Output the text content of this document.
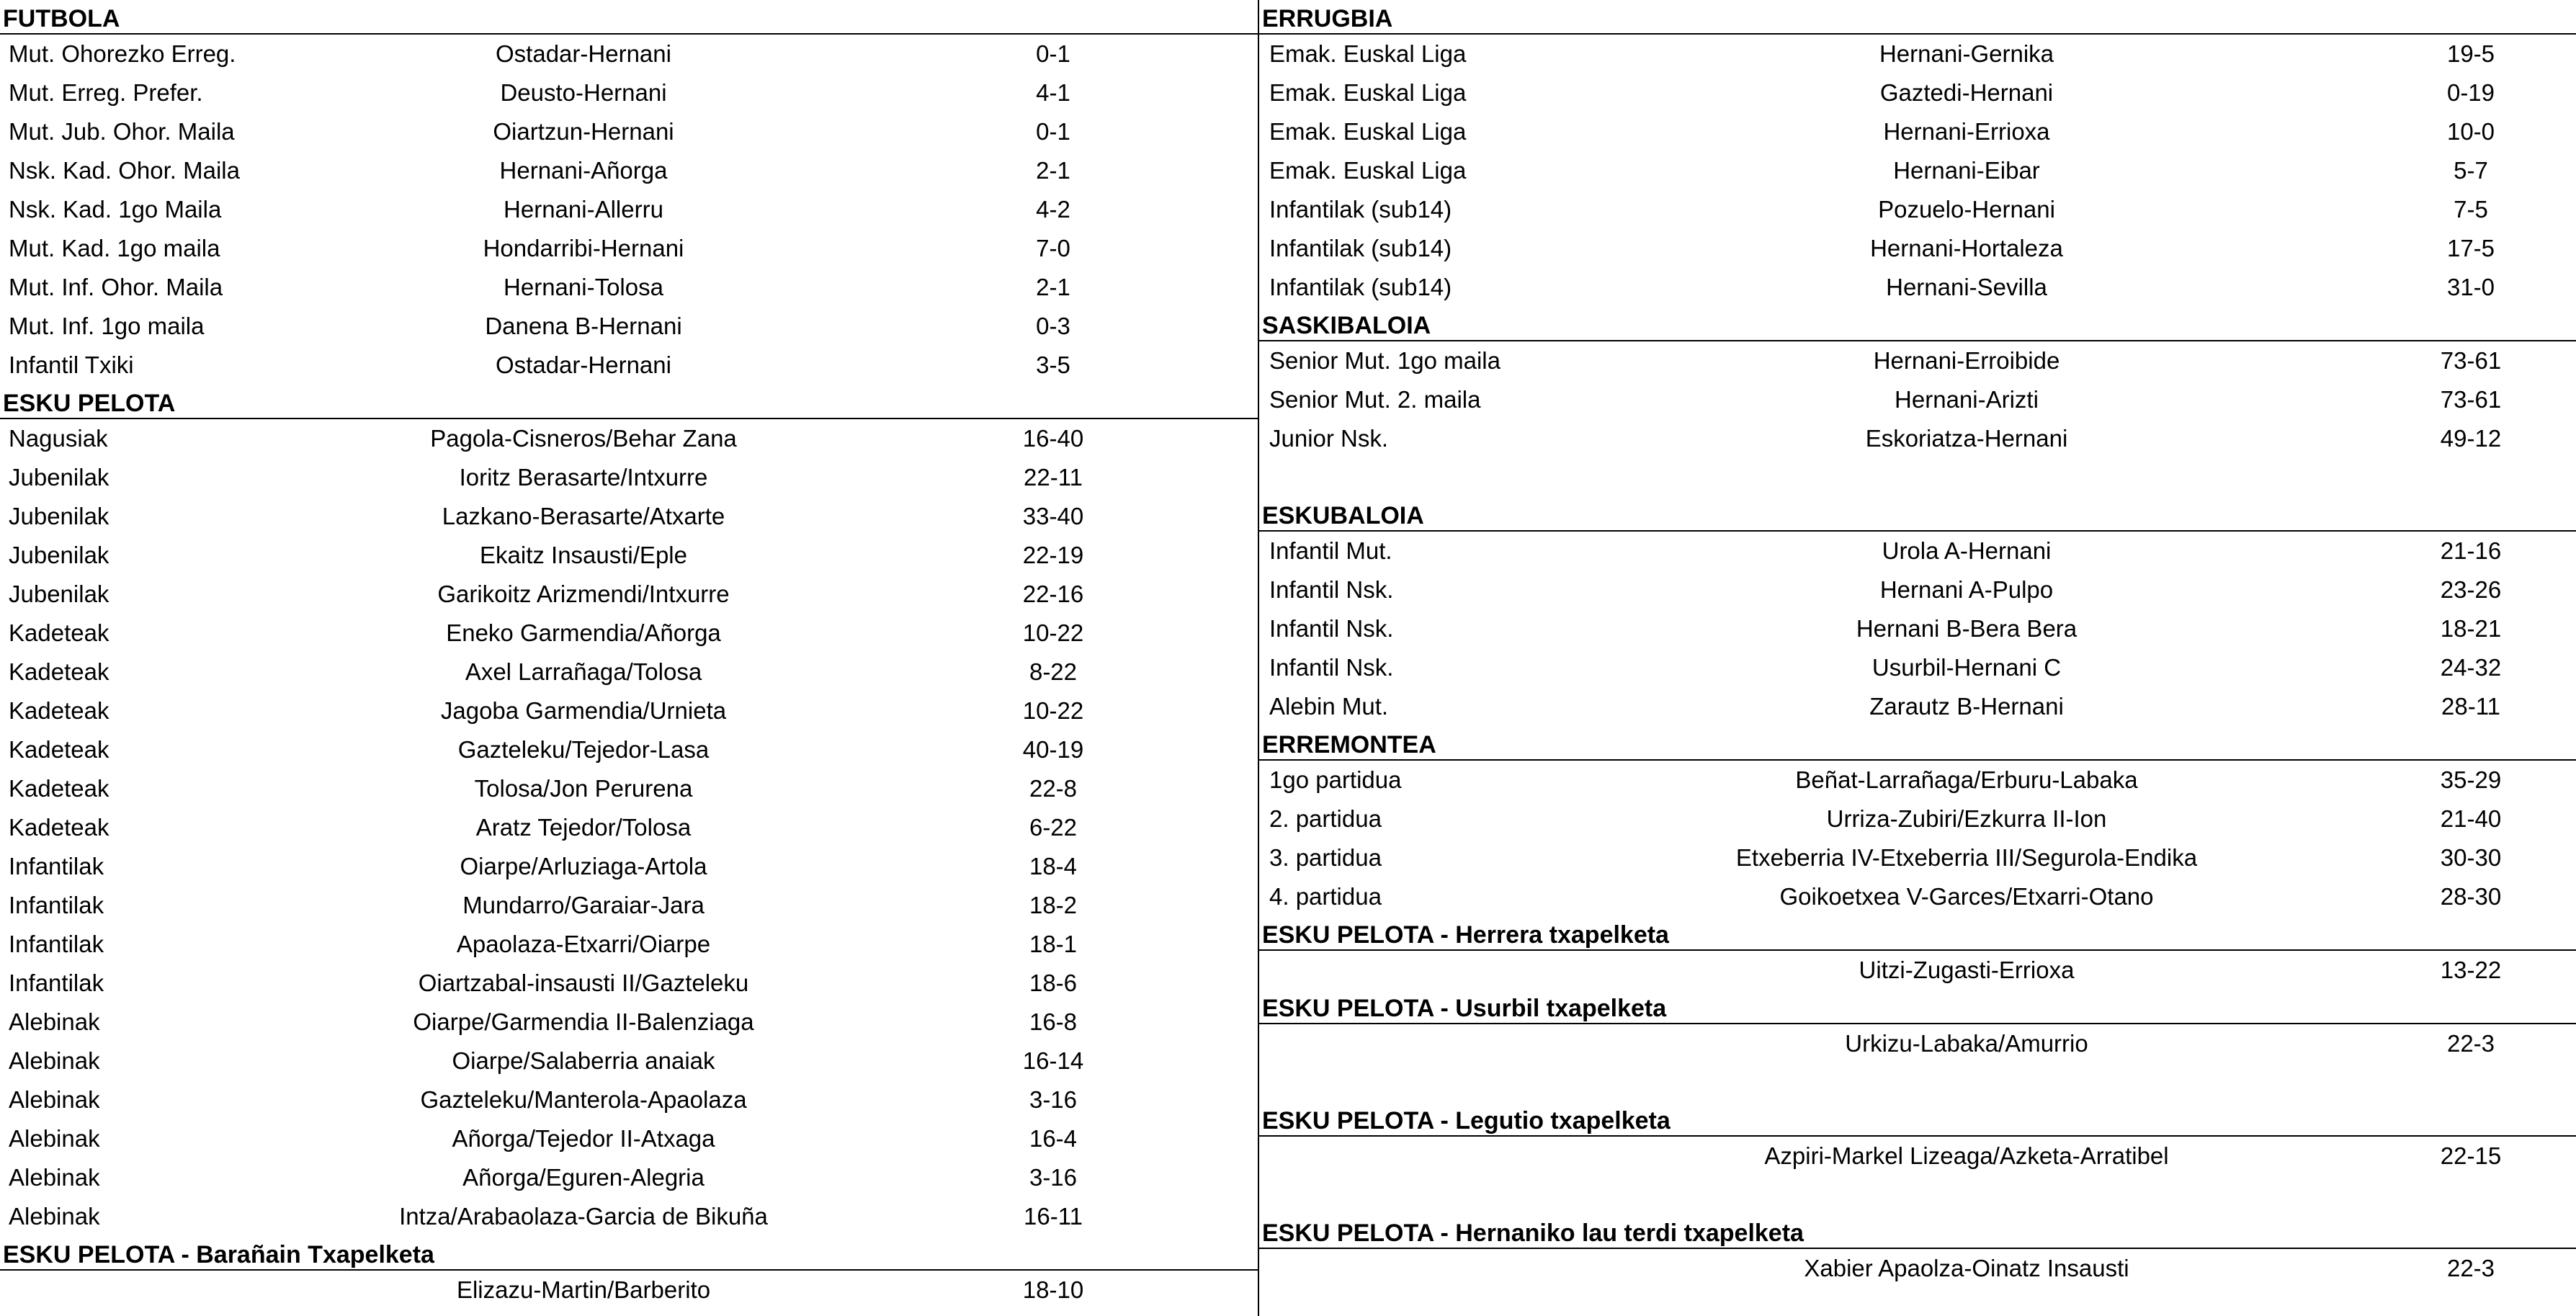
FUTBOLA
Mut. Ohorezko Erreg.	Ostadar-Hernani	0-1
Mut. Erreg. Prefer.	Deusto-Hernani	4-1
Mut. Jub. Ohor. Maila	Oiartzun-Hernani	0-1
Nsk. Kad. Ohor. Maila	Hernani-Añorga	2-1
Nsk. Kad. 1go Maila	Hernani-Allerru	4-2
Mut. Kad. 1go maila	Hondarribi-Hernani	7-0
Mut. Inf. Ohor. Maila	Hernani-Tolosa	2-1
Mut. Inf. 1go maila	Danena B-Hernani	0-3
Infantil Txiki	Ostadar-Hernani	3-5
ESKU PELOTA
Nagusiak	Pagola-Cisneros/Behar Zana	16-40
Jubenilak	Ioritz Berasarte/Intxurre	22-11
Jubenilak	Lazkano-Berasarte/Atxarte	33-40
Jubenilak	Ekaitz Insausti/Eple	22-19
Jubenilak	Garikoitz Arizmendi/Intxurre	22-16
Kadeteak	Eneko Garmendia/Añorga	10-22
Kadeteak	Axel Larrañaga/Tolosa	8-22
Kadeteak	Jagoba Garmendia/Urnieta	10-22
Kadeteak	Gazteleku/Tejedor-Lasa	40-19
Kadeteak	Tolosa/Jon Perurena	22-8
Kadeteak	Aratz Tejedor/Tolosa	6-22
Infantilak	Oiarpe/Arluziaga-Artola	18-4
Infantilak	Mundarro/Garaiar-Jara	18-2
Infantilak	Apaolaza-Etxarri/Oiarpe	18-1
Infantilak	Oiartzabal-insausti II/Gazteleku	18-6
Alebinak	Oiarpe/Garmendia II-Balenziaga	16-8
Alebinak	Oiarpe/Salaberria anaiak	16-14
Alebinak	Gazteleku/Manterola-Apaolaza	3-16
Alebinak	Añorga/Tejedor II-Atxaga	16-4
Alebinak	Añorga/Eguren-Alegria	3-16
Alebinak	Intza/Arabaolaza-Garcia de Bikuña	16-11
ESKU PELOTA - Barañain Txapelketa
Elizazu-Martin/Barberito	18-10
ERRUGBIA
Emak. Euskal Liga	Hernani-Gernika	19-5
Emak. Euskal Liga	Gaztedi-Hernani	0-19
Emak. Euskal Liga	Hernani-Errioxa	10-0
Emak. Euskal Liga	Hernani-Eibar	5-7
Infantilak (sub14)	Pozuelo-Hernani	7-5
Infantilak (sub14)	Hernani-Hortaleza	17-5
Infantilak (sub14)	Hernani-Sevilla	31-0
SASKIBALOIA
Senior Mut. 1go maila	Hernani-Erroibide	73-61
Senior Mut. 2. maila	Hernani-Arizti	73-61
Junior Nsk.	Eskoriatza-Hernani	49-12
ESKUBALOIA
Infantil Mut.	Urola A-Hernani	21-16
Infantil Nsk.	Hernani A-Pulpo	23-26
Infantil Nsk.	Hernani B-Bera Bera	18-21
Infantil Nsk.	Usurbil-Hernani C	24-32
Alebin Mut.	Zarautz B-Hernani	28-11
ERREMONTEA
1go partidua	Beñat-Larrañaga/Erburu-Labaka	35-29
2. partidua	Urriza-Zubiri/Ezkurra II-Ion	21-40
3. partidua	Etxeberria IV-Etxeberria III/Segurola-Endika	30-30
4. partidua	Goikoetxea V-Garces/Etxarri-Otano	28-30
ESKU PELOTA - Herrera txapelketa
Uitzi-Zugasti-Errioxa	13-22
ESKU PELOTA - Usurbil txapelketa
Urkizu-Labaka/Amurrio	22-3
ESKU PELOTA - Legutio txapelketa
Azpiri-Markel Lizeaga/Azketa-Arratibel	22-15
ESKU PELOTA - Hernaniko lau terdi txapelketa
Xabier Apaolza-Oinatz Insausti	22-3
